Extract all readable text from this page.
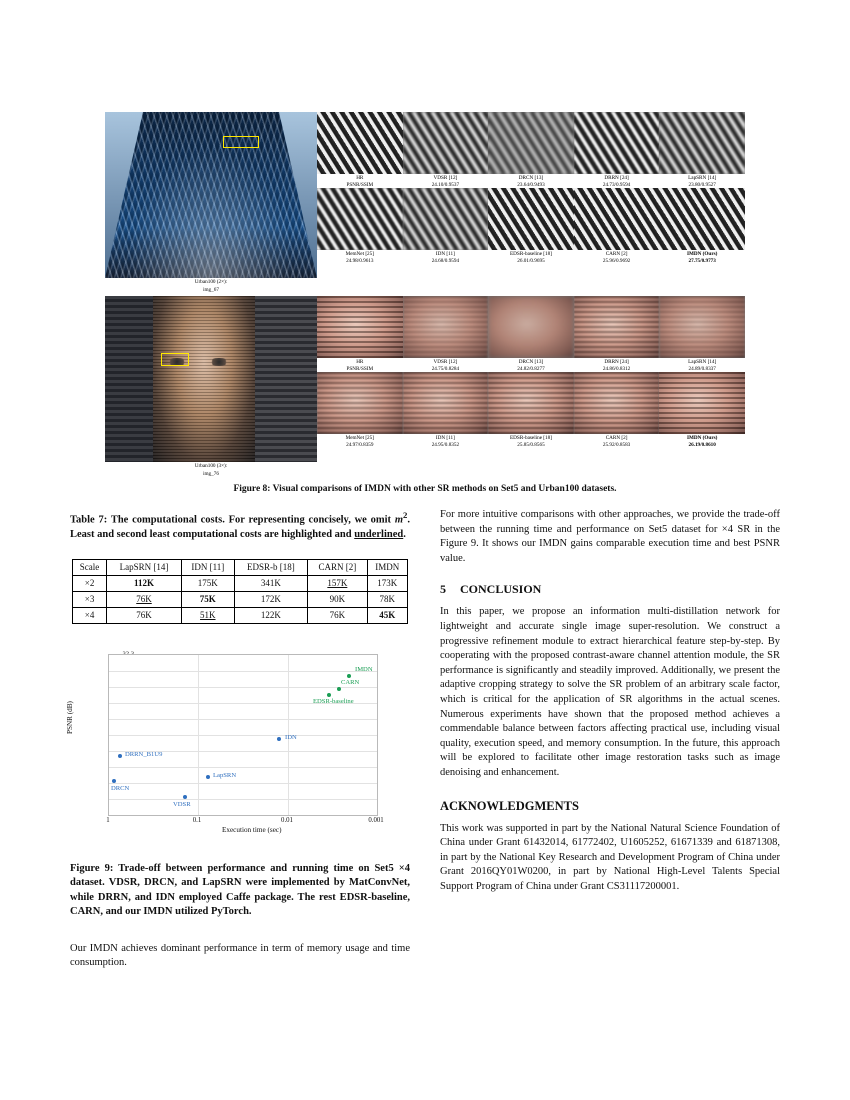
Urban100 (2×):
img_67
HR
PSNR/SSIM
VDSR [12]
24.10/0.9537
DRCN [13]
23.64/0.9493
DRRN [24]
24.73/0.9594
LapSRN [14]
23.80/0.9527
MemNet [25]
24.98/0.9613
IDN [11]
24.68/0.9594
EDSR-baseline [18]
26.01/0.9695
CARN [2]
25.96/0.9692
IMDN (Ours)
27.75/0.9773
Urban100 (3×):
img_76
HR
PSNR/SSIM
VDSR [12]
24.75/0.8284
DRCN [13]
24.82/0.8277
DRRN [24]
24.86/0.8312
LapSRN [14]
24.89/0.8337
MemNet [25]
24.97/0.8359
IDN [11]
24.95/0.8352
EDSR-baseline [18]
25.85/0.8565
CARN [2]
25.92/0.8583
IMDN (Ours)
26.19/0.8610
Figure 8: Visual comparisons of IMDN with other SR methods on Set5 and Urban100 datasets.

Table 7: The computational costs. For representing concisely, we omit $m^2$. Least and second least computational costs are highlighted and underlined.

Scale	LapSRN [14]	IDN [11]	EDSR-b [18]	CARN [2]	IMDN
×2	112K	175K	341K	157K	173K
×3	76K	75K	172K	90K	78K
×4	76K	51K	122K	76K	45K
PSNR (dB)
IMDN
CARN
EDSR-baseline
IDN
DRRN_B1U9
LapSRN
DRCN
VDSR
1	0.1	0.01	0.001
Execution time (sec)

Figure 9: Trade-off between performance and running time on Set5 ×4 dataset. VDSR, DRCN, and LapSRN were implemented by MatConvNet, while DRRN, and IDN employed Caffe package. The rest EDSR-baseline, CARN, and our IMDN utilized PyTorch.

Our IMDN achieves dominant performance in term of memory usage and time consumption.

For more intuitive comparisons with other approaches, we provide the trade-off between the running time and performance on Set5 dataset for ×4 SR in the Figure 9. It shows our IMDN gains comparable execution time and best PSNR value.

5 CONCLUSION

In this paper, we propose an information multi-distillation network for lightweight and accurate single image super-resolution. We construct a progressive refinement module to extract hierarchical feature step-by-step. By cooperating with the proposed contrast-aware channel attention module, the SR performance is significantly and steadily improved. Additionally, we present the adaptive cropping strategy to solve the SR problem of an arbitrary scale factor, which is critical for the application of SR algorithms in the actual scenes. Numerous experiments have shown that the proposed method achieves a commendable balance between factors affecting practical use, including visual quality, execution speed, and memory consumption. In the future, this approach will be explored to facilitate other image restoration tasks such as image denoising and enhancement.

ACKNOWLEDGMENTS

This work was supported in part by the National Natural Science Foundation of China under Grant 61432014, 61772402, U1605252, 61671339 and 61871308, in part by the National Key Research and Development Program of China under Grant 2016QY01W0200, in part by National High-Level Talents Special Support Program of China under Grant CS31117200001.
